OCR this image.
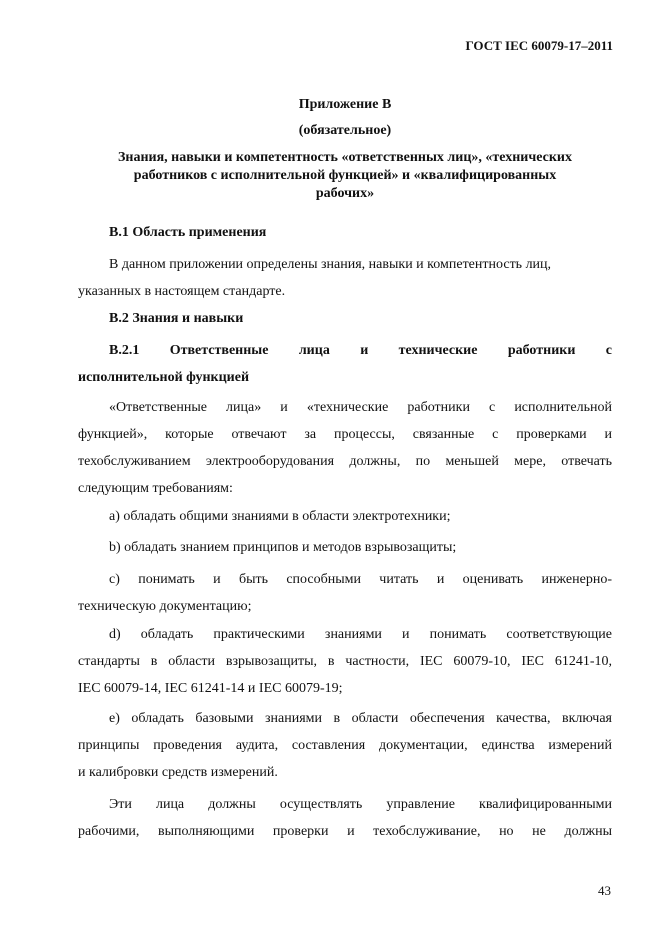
ГОСТ IEC 60079-17–2011
Приложение В
(обязательное)
Знания, навыки и компетентность «ответственных лиц», «технических
работников с исполнительной функцией» и «квалифицированных
рабочих»
В.1 Область применения
В данном приложении определены знания, навыки и компетентность лиц,
указанных в настоящем стандарте.
В.2 Знания и навыки
В.2.1 Ответственные лица и технические работники с
исполнительной функцией
«Ответственные лица» и «технические работники с исполнительной
функцией», которые отвечают за процессы, связанные с проверками и
техобслуживанием электрооборудования должны, по меньшей мере, отвечать
следующим требованиям:
а) обладать общими знаниями в области электротехники;
b) обладать знанием принципов и методов взрывозащиты;
с) понимать и быть способными читать и оценивать инженерно-
техническую документацию;
d) обладать практическими знаниями и понимать соответствующие
стандарты в области взрывозащиты, в частности, IEC 60079-10, IEC 61241-10,
IEC 60079-14, IEC 61241-14 и IEC 60079-19;
е) обладать базовыми знаниями в области обеспечения качества, включая
принципы проведения аудита, составления документации, единства измерений
и калибровки средств измерений.
Эти лица должны осуществлять управление квалифицированными
рабочими, выполняющими проверки и техобслуживание, но не должны
43
